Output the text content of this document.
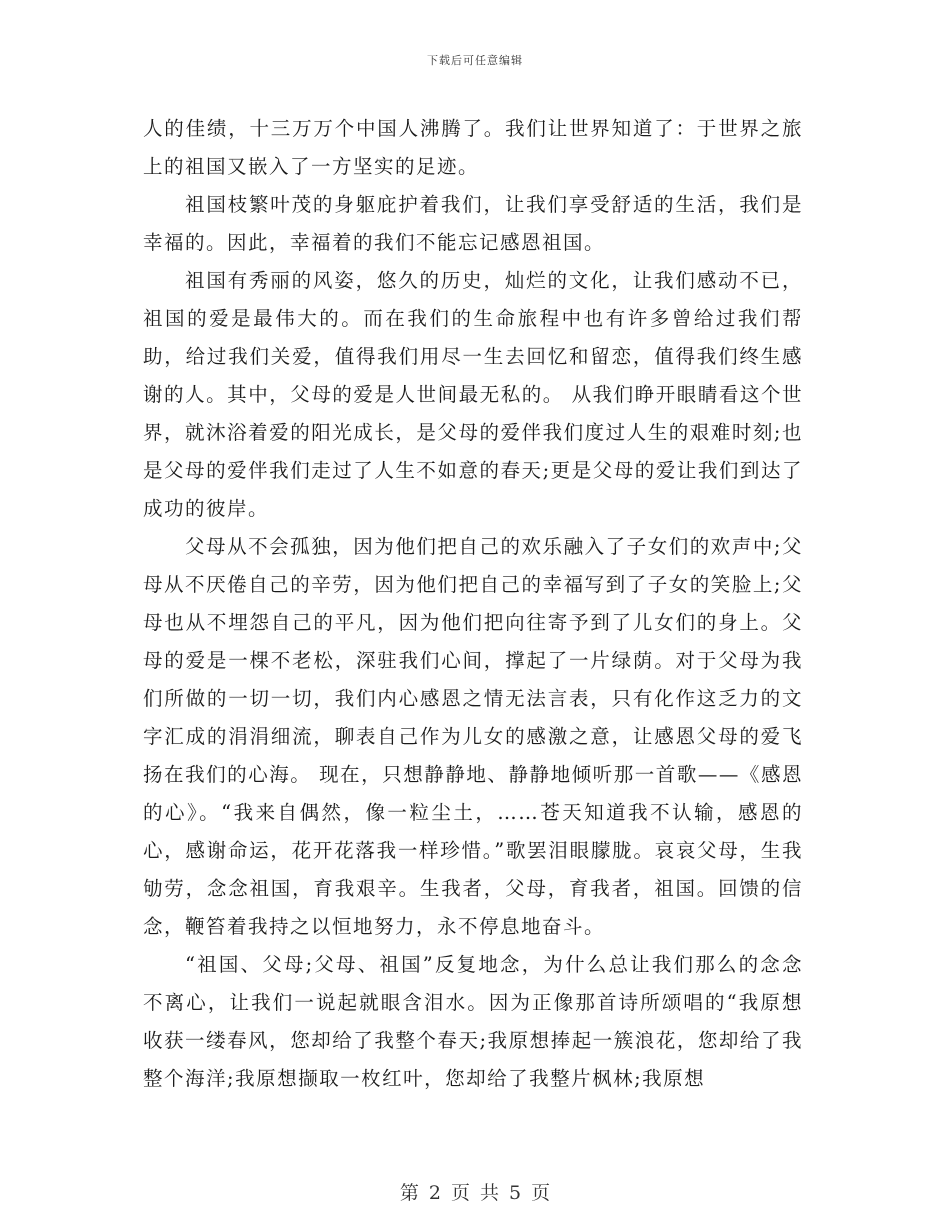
下载后可任意编辑

人的佳绩，十三万万个中国人沸腾了。我们让世界知道了：于世界之旅上的祖国又嵌入了一方坚实的足迹。

祖国枝繁叶茂的身躯庇护着我们，让我们享受舒适的生活，我们是幸福的。因此，幸福着的我们不能忘记感恩祖国。

祖国有秀丽的风姿，悠久的历史，灿烂的文化，让我们感动不已，祖国的爱是最伟大的。而在我们的生命旅程中也有许多曾给过我们帮助，给过我们关爱，值得我们用尽一生去回忆和留恋，值得我们终生感谢的人。其中，父母的爱是人世间最无私的。 从我们睁开眼睛看这个世界，就沐浴着爱的阳光成长，是父母的爱伴我们度过人生的艰难时刻;也是父母的爱伴我们走过了人生不如意的春天;更是父母的爱让我们到达了成功的彼岸。

父母从不会孤独，因为他们把自己的欢乐融入了子女们的欢声中;父母从不厌倦自己的辛劳，因为他们把自己的幸福写到了子女的笑脸上;父母也从不埋怨自己的平凡，因为他们把向往寄予到了儿女们的身上。父母的爱是一棵不老松，深驻我们心间，撑起了一片绿荫。对于父母为我们所做的一切一切，我们内心感恩之情无法言表，只有化作这乏力的文字汇成的涓涓细流，聊表自己作为儿女的感激之意，让感恩父母的爱飞扬在我们的心海。 现在，只想静静地、静静地倾听那一首歌——《感恩的心》。“我来自偶然，像一粒尘土，……苍天知道我不认输，感恩的心，感谢命运，花开花落我一样珍惜。”歌罢泪眼朦胧。哀哀父母，生我劬劳，念念祖国，育我艰辛。生我者，父母，育我者，祖国。回馈的信念，鞭笞着我持之以恒地努力，永不停息地奋斗。

“祖国、父母;父母、祖国”反复地念，为什么总让我们那么的念念不离心，让我们一说起就眼含泪水。因为正像那首诗所颂唱的“我原想收获一缕春风，您却给了我整个春天;我原想捧起一簇浪花，您却给了我整个海洋;我原想撷取一枚红叶，您却给了我整片枫林;我原想

第 2 页 共 5 页
